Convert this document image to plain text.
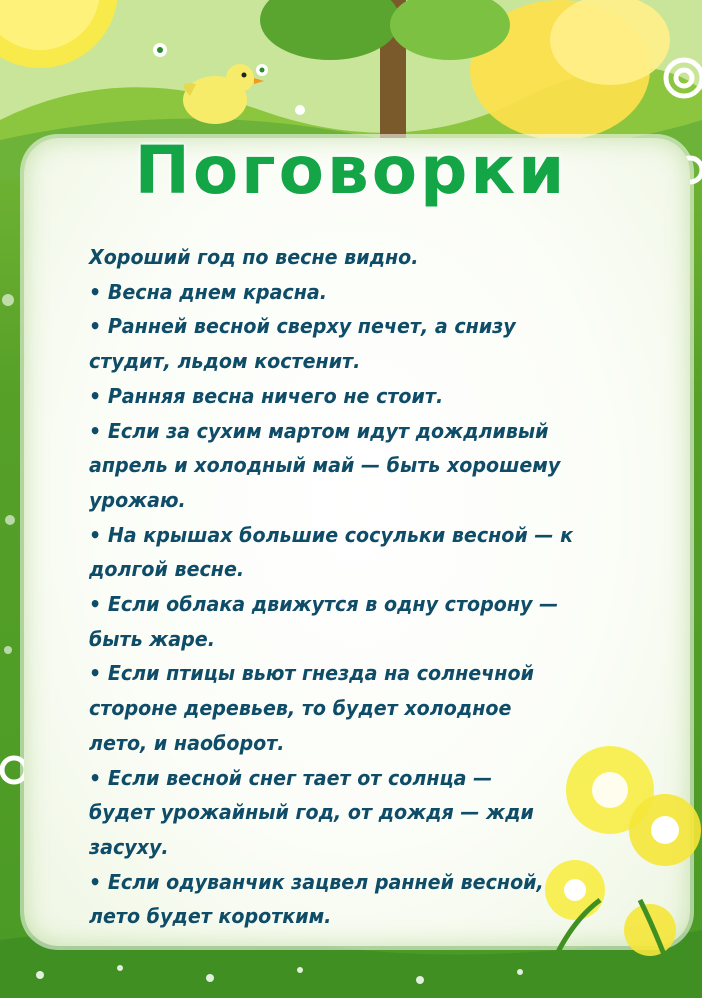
Поговорки

Хороший год по весне видно.

• Весна днем красна.

• Ранней весной сверху печет, а снизу

студит, льдом костенит.

• Ранняя весна ничего не стоит.

• Если за сухим мартом идут дождливый

апрель и холодный май — быть хорошему

урожаю.

• На крышах большие сосульки весной — к

долгой весне.

• Если облака движутся в одну сторону —

быть жаре.

• Если птицы вьют гнезда на солнечной

стороне деревьев, то будет холодное

лето, и наоборот.

• Если весной снег тает от солнца —

будет урожайный год, от дождя — жди

засуху.

• Если одуванчик зацвел ранней весной,

лето будет коротким.
